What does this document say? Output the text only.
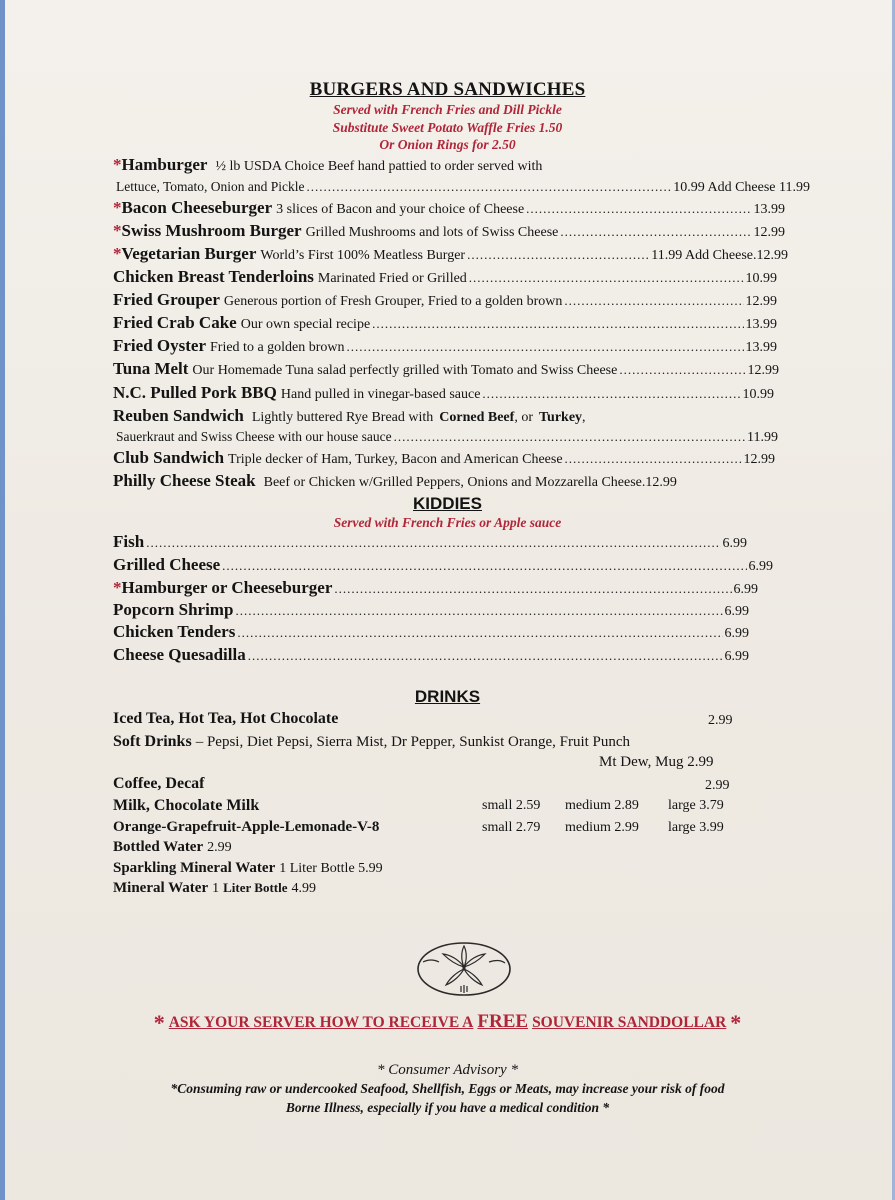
BURGERS AND SANDWICHES
Served with French Fries and Dill Pickle
Substitute Sweet Potato Waffle Fries 1.50
Or Onion Rings for 2.50
*Hamburger ½ lb USDA Choice Beef hand pattied to order served with
Lettuce, Tomato, Onion and Pickle .....	10.99 Add Cheese 11.99
* Bacon Cheeseburger 3 slices of Bacon and your choice of Cheese .....	13.99
* Swiss Mushroom Burger Grilled Mushrooms and lots of Swiss Cheese .....	12.99
* Vegetarian Burger World’s First 100% Meatless Burger .....	11.99 Add Cheese.12.99
Chicken Breast Tenderloins Marinated Fried or Grilled .....	10.99
Fried Grouper Generous portion of Fresh Grouper, Fried to a golden brown .....	12.99
Fried Crab Cake Our own special recipe .....	13.99
Fried Oyster Fried to a golden brown .....	13.99
Tuna Melt Our Homemade Tuna salad perfectly grilled with Tomato and Swiss Cheese .....	12.99
N.C. Pulled Pork BBQ Hand pulled in vinegar-based sauce .....	10.99
Reuben Sandwich Lightly buttered Rye Bread with Corned Beef, or Turkey,
Sauerkraut and Swiss Cheese with our house sauce .....	11.99
Club Sandwich Triple decker of Ham, Turkey, Bacon and American Cheese .....	12.99
Philly Cheese Steak Beef or Chicken w/Grilled Peppers, Onions and Mozzarella Cheese.12.99
KIDDIES
Served with French Fries or Apple sauce
Fish .....	6.99
Grilled Cheese .....	6.99
* Hamburger or Cheeseburger .....	6.99
Popcorn Shrimp .....	6.99
Chicken Tenders .....	6.99
Cheese Quesadilla .....	6.99
DRINKS
Iced Tea, Hot Tea, Hot Chocolate	2.99
Soft Drinks – Pepsi, Diet Pepsi, Sierra Mist, Dr Pepper, Sunkist Orange, Fruit Punch
Mt Dew, Mug 2.99
Coffee, Decaf	2.99
Milk, Chocolate Milk	small 2.59 medium 2.89 large 3.79
Orange-Grapefruit-Apple-Lemonade-V-8	small 2.79 medium 2.99 large 3.99
Bottled Water 2.99
Sparkling Mineral Water 1 Liter Bottle 5.99
Mineral Water 1 Liter Bottle 4.99
* ASK YOUR SERVER HOW TO RECEIVE A FREE SOUVENIR SANDDOLLAR *
* Consumer Advisory *
*Consuming raw or undercooked Seafood, Shellfish, Eggs or Meats, may increase your risk of food
Borne Illness, especially if you have a medical condition *
